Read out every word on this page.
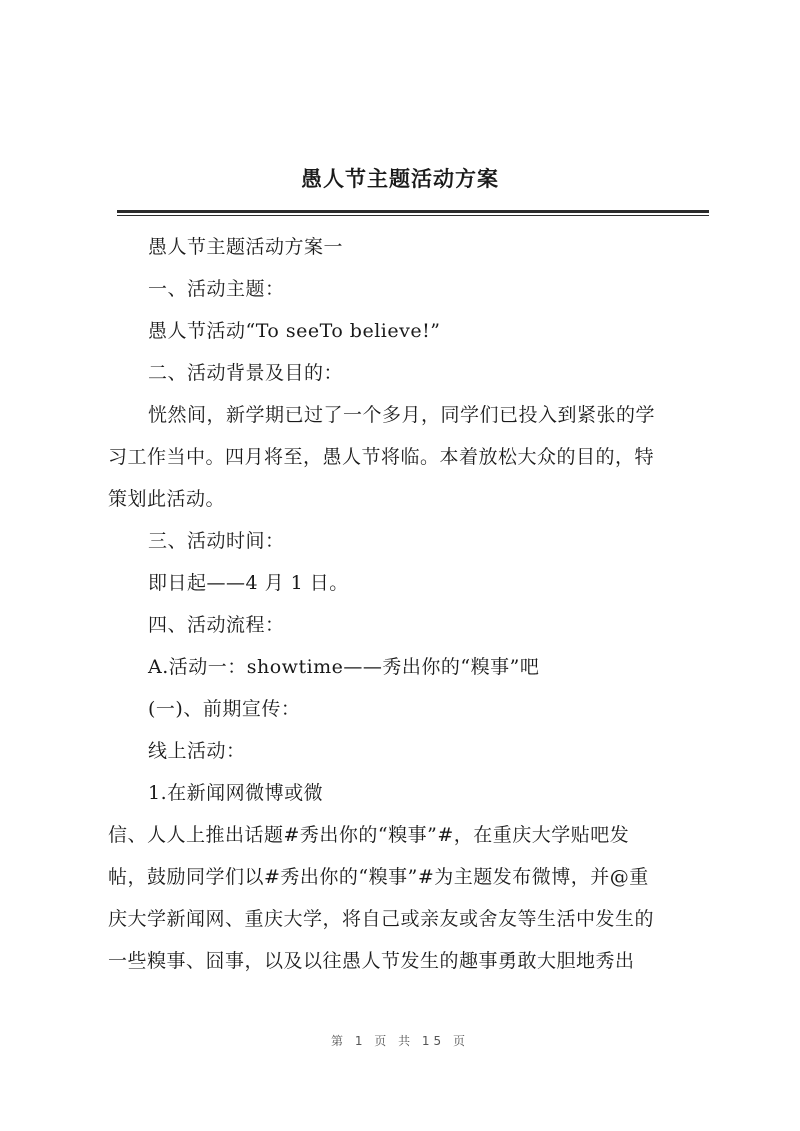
愚人节主题活动方案
愚人节主题活动方案一
一、活动主题：
愚人节活动“To seeTo believe!”
二、活动背景及目的：
恍然间，新学期已过了一个多月，同学们已投入到紧张的学
习工作当中。四月将至，愚人节将临。本着放松大众的目的，特
策划此活动。
三、活动时间：
即日起——4 月 1 日。
四、活动流程：
A.活动一：showtime——秀出你的“糗事”吧
(一)、前期宣传：
线上活动：
1.在新闻网微博或微
信、人人上推出话题#秀出你的“糗事”#，在重庆大学贴吧发
帖，鼓励同学们以#秀出你的“糗事”#为主题发布微博，并@重
庆大学新闻网、重庆大学，将自己或亲友或舍友等生活中发生的
一些糗事、囧事，以及以往愚人节发生的趣事勇敢大胆地秀出
第 1 页 共 15 页
